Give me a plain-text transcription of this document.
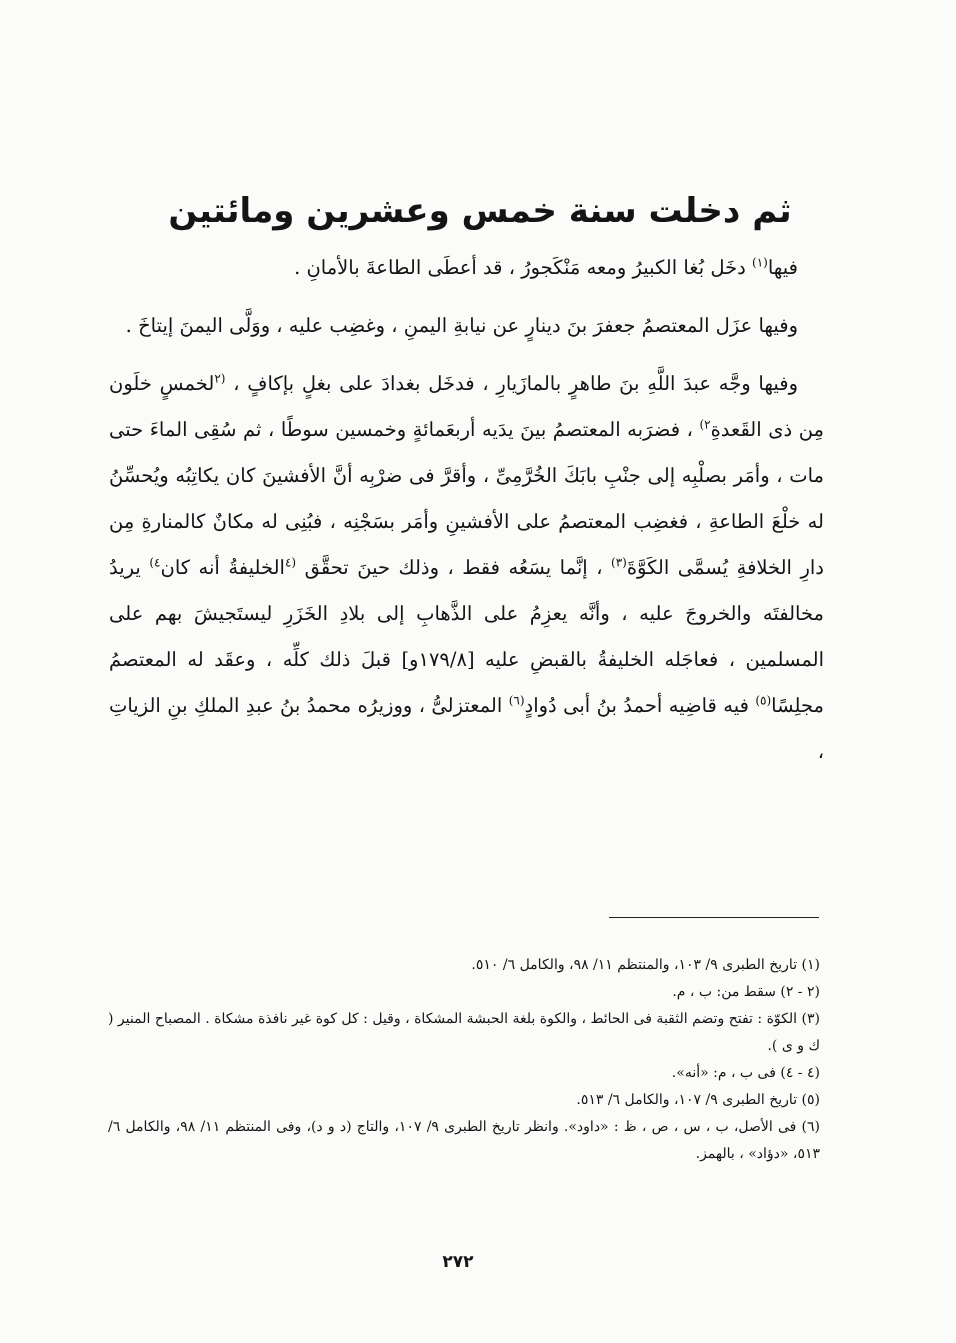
ثم دخلت سنة خمس وعشرين ومائتين

فيها$^{(١)}$ دخَل بُغا الكبيرُ ومعه مَنْكَجورُ ، قد أعطَى الطاعةَ بالأمانِ .

وفيها عزَل المعتصمُ جعفرَ بنَ دينارٍ عن نيابةِ اليمنِ ، وغضِب عليه ، ووَلَّى اليمنَ إيتاخَ .

وفيها وجَّه عبدَ اللَّهِ بنَ طاهرٍ بالمازَيارِ ، فدخَل بغدادَ على بغلٍ بإكافٍ ، $^{(٢}$لخمسٍ خلَون مِن ذى القَعدةِ$^{٢)}$ ، فضرَبه المعتصمُ بينَ يدَيه أربعَمائةٍ وخمسين سوطًا ، ثم سُقِى الماءَ حتى مات ، وأمَر بصلْبِه إلى جنْبِ بابَكَ الخُرَّمِىِّ ، وأقرَّ فى ضرْبِه أنَّ الأفشينَ كان يكاتِبُه ويُحسِّنُ له خلْعَ الطاعةِ ، فغضِب المعتصمُ على الأفشينِ وأمَر بسَجْنِه ، فبُنِى له مكانٌ كالمنارةِ مِن دارِ الخلافةِ يُسمَّى الكَوَّةَ$^{(٣)}$ ، إنَّما يسَعُه فقط ، وذلك حينَ تحقَّق $^{(٤}$الخليفةُ أنه كان$^{٤)}$ يريدُ مخالفتَه والخروجَ عليه ، وأنَّه يعزِمُ على الذَّهابِ إلى بلادِ الخَزَرِ ليستَجيشَ بهم على المسلمين ، فعاجَله الخليفةُ بالقبضِ عليه [١٧٩/٨و] قبلَ ذلك كلِّه ، وعقَد له المعتصمُ مجلِسًا$^{(٥)}$ فيه قاضِيه أحمدُ بنُ أبى دُوادٍ$^{(٦)}$ المعتزلىُّ ، ووزيرُه محمدُ بنُ عبدِ الملكِ بنِ الزياتِ ،

(١) تاريخ الطبرى ٩/ ١٠٣، والمنتظم ١١/ ٩٨، والكامل ٦/ ٥١٠.

(٢ - ٢) سقط من: ب ، م.

(٣) الكوّة : تفتح وتضم الثقبة فى الحائط ، والكوة بلغة الحبشة المشكاة ، وقيل : كل كوة غير نافذة مشكاة . المصباح المنير ( ك و ى ).

(٤ - ٤) فى ب ، م: «أنه».

(٥) تاريخ الطبرى ٩/ ١٠٧، والكامل ٦/ ٥١٣.

(٦) فى الأصل، ب ، س ، ص ، ظ : «داود». وانظر تاريخ الطبرى ٩/ ١٠٧، والتاج (د و د)، وفى المنتظم ١١/ ٩٨، والكامل ٦/ ٥١٣، «دؤاد» ، بالهمز.

٢٧٢
